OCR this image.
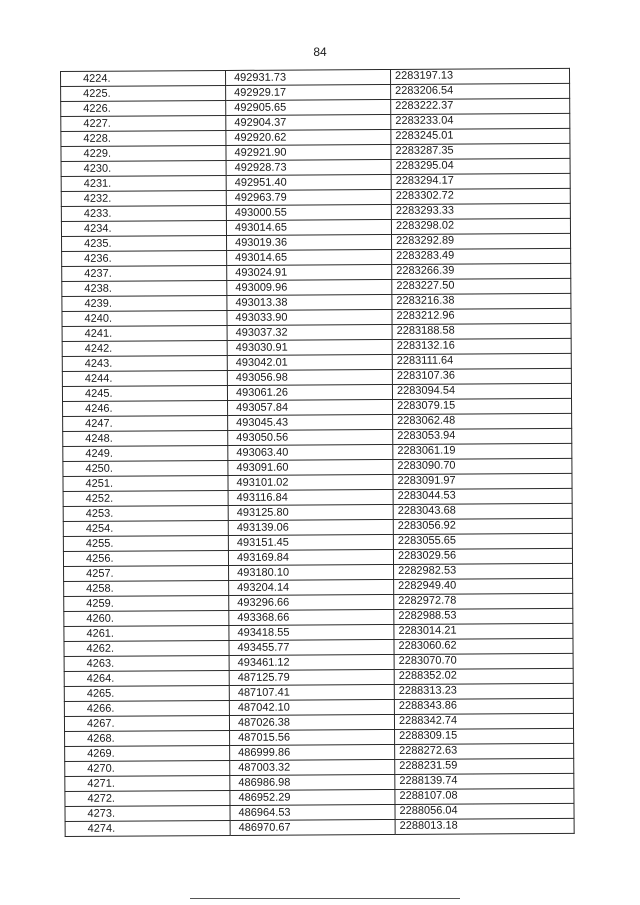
84
4224.	492931.73	2283197.13
4225.	492929.17	2283206.54
4226.	492905.65	2283222.37
4227.	492904.37	2283233.04
4228.	492920.62	2283245.01
4229.	492921.90	2283287.35
4230.	492928.73	2283295.04
4231.	492951.40	2283294.17
4232.	492963.79	2283302.72
4233.	493000.55	2283293.33
4234.	493014.65	2283298.02
4235.	493019.36	2283292.89
4236.	493014.65	2283283.49
4237.	493024.91	2283266.39
4238.	493009.96	2283227.50
4239.	493013.38	2283216.38
4240.	493033.90	2283212.96
4241.	493037.32	2283188.58
4242.	493030.91	2283132.16
4243.	493042.01	2283111.64
4244.	493056.98	2283107.36
4245.	493061.26	2283094.54
4246.	493057.84	2283079.15
4247.	493045.43	2283062.48
4248.	493050.56	2283053.94
4249.	493063.40	2283061.19
4250.	493091.60	2283090.70
4251.	493101.02	2283091.97
4252.	493116.84	2283044.53
4253.	493125.80	2283043.68
4254.	493139.06	2283056.92
4255.	493151.45	2283055.65
4256.	493169.84	2283029.56
4257.	493180.10	2282982.53
4258.	493204.14	2282949.40
4259.	493296.66	2282972.78
4260.	493368.66	2282988.53
4261.	493418.55	2283014.21
4262.	493455.77	2283060.62
4263.	493461.12	2283070.70
4264.	487125.79	2288352.02
4265.	487107.41	2288313.23
4266.	487042.10	2288343.86
4267.	487026.38	2288342.74
4268.	487015.56	2288309.15
4269.	486999.86	2288272.63
4270.	487003.32	2288231.59
4271.	486986.98	2288139.74
4272.	486952.29	2288107.08
4273.	486964.53	2288056.04
4274.	486970.67	2288013.18
